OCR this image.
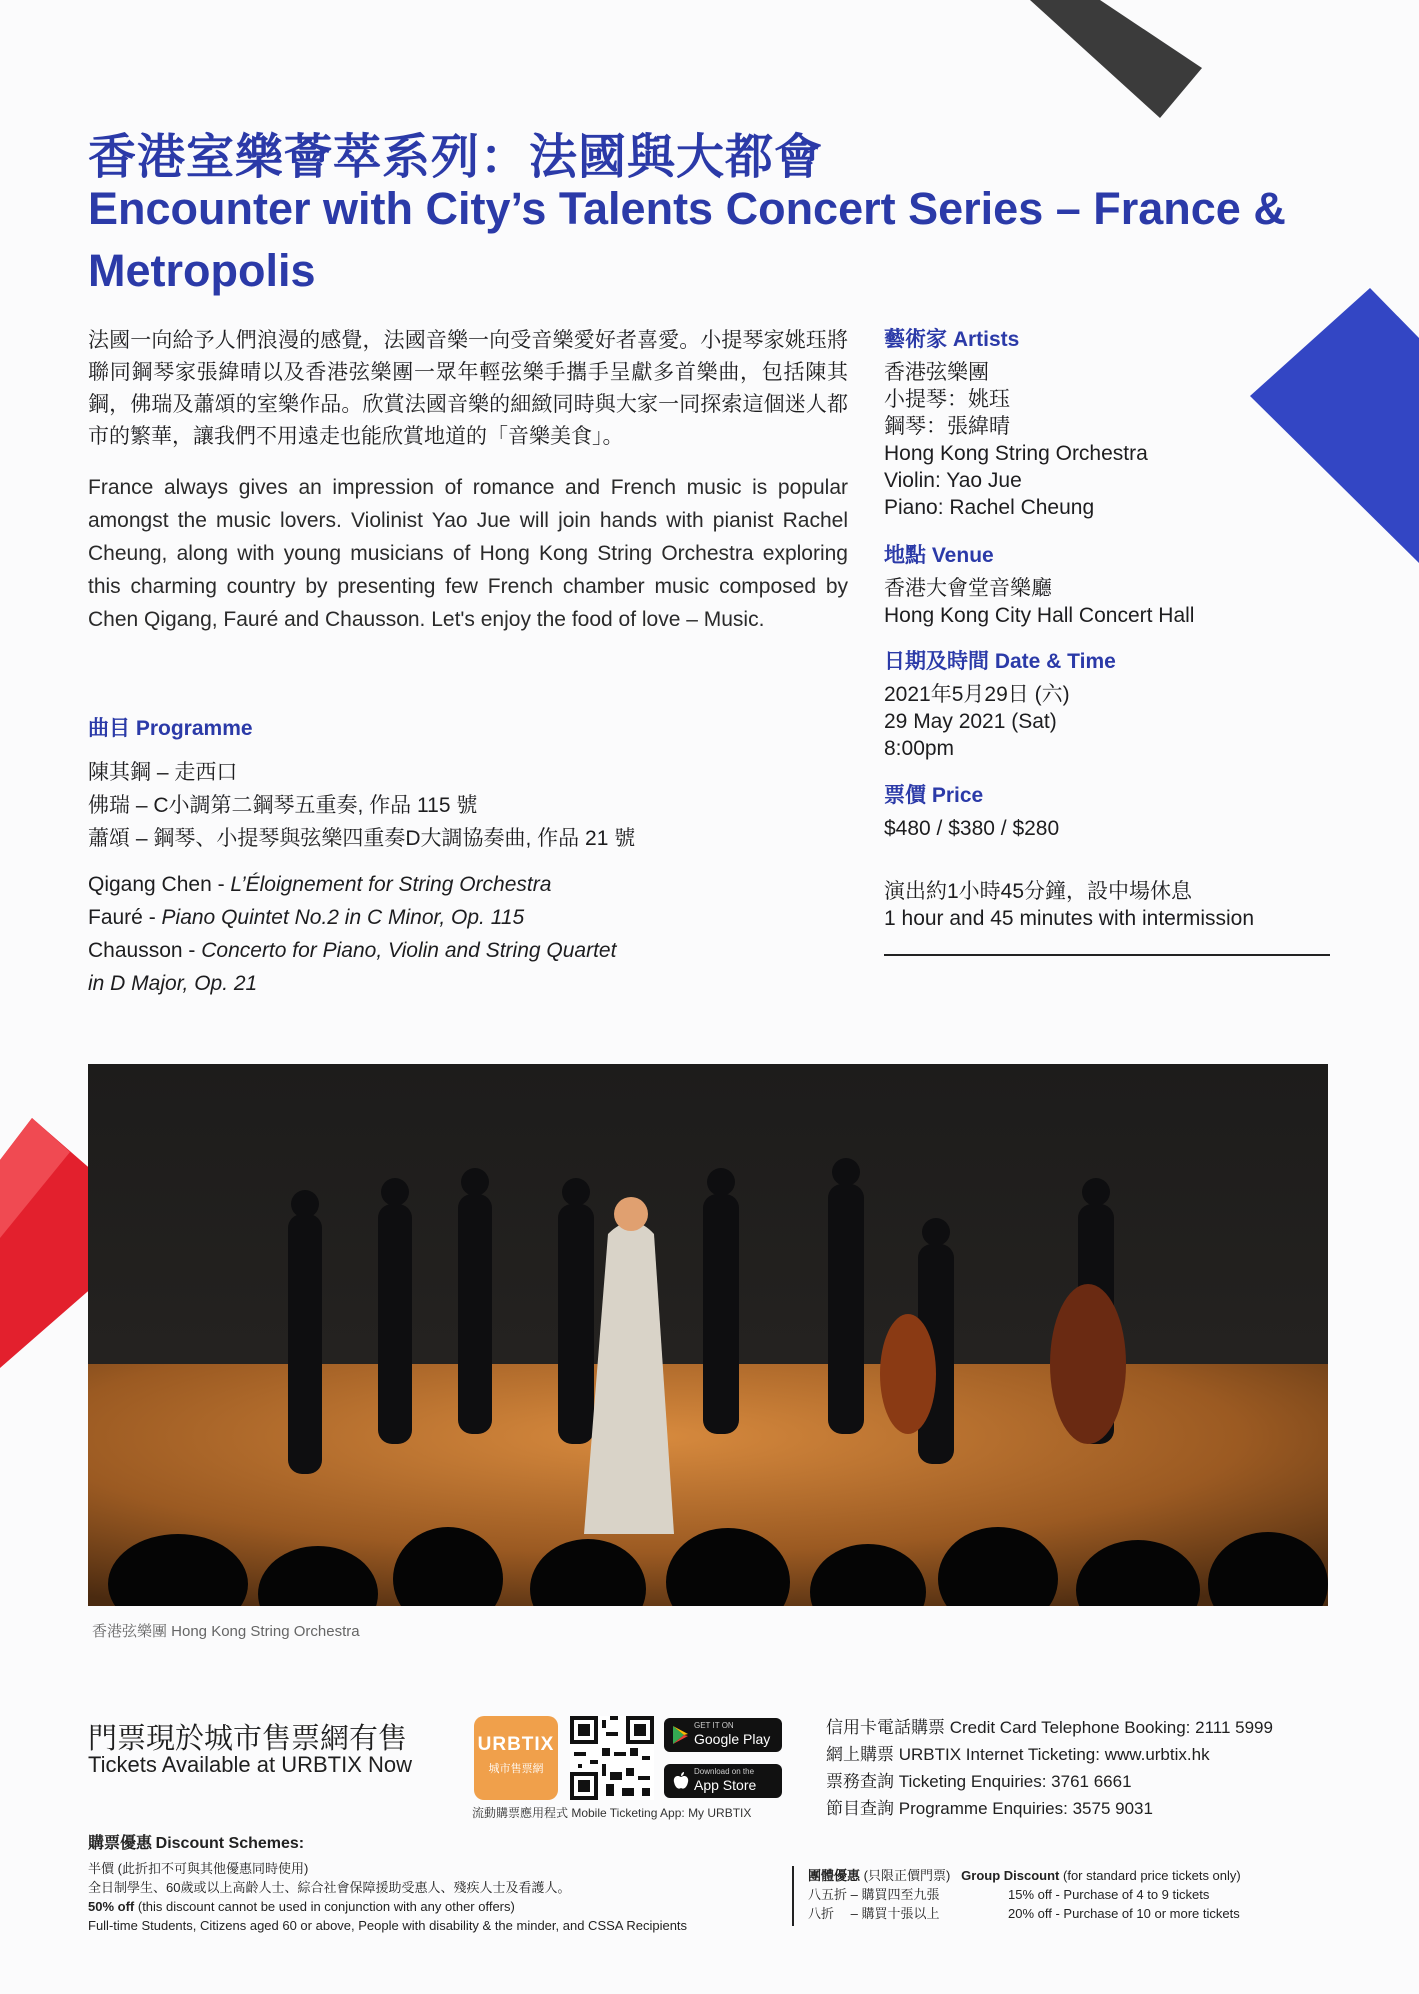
香港室樂薈萃系列：法國與大都會
Encounter with City’s Talents Concert Series – France & Metropolis
法國一向給予人們浪漫的感覺，法國音樂一向受音樂愛好者喜愛。小提琴家姚珏將聯同鋼琴家張緯晴以及香港弦樂團一眾年輕弦樂手攜手呈獻多首樂曲，包括陳其鋼，佛瑞及蕭頌的室樂作品。欣賞法國音樂的細緻同時與大家一同探索這個迷人都市的繁華，讓我們不用遠走也能欣賞地道的「音樂美食」。
France always gives an impression of romance and French music is popular amongst the music lovers. Violinist Yao Jue will join hands with pianist Rachel Cheung, along with young musicians of Hong Kong String Orchestra exploring this charming country by presenting few French chamber music composed by Chen Qigang, Fauré and Chausson. Let's enjoy the food of love – Music.
曲目 Programme
陳其鋼 – 走西口
佛瑞 – C小調第二鋼琴五重奏, 作品 115 號
蕭頌 – 鋼琴、小提琴與弦樂四重奏D大調協奏曲, 作品 21 號
Qigang Chen - L’Éloignement for String Orchestra
Fauré - Piano Quintet No.2 in C Minor, Op. 115
Chausson - Concerto for Piano, Violin and String Quartet
in D Major, Op. 21
藝術家 Artists
香港弦樂團
小提琴：姚珏
鋼琴：張緯晴
Hong Kong String Orchestra
Violin: Yao Jue
Piano: Rachel Cheung
地點 Venue
香港大會堂音樂廳
Hong Kong City Hall Concert Hall
日期及時間 Date & Time
2021年5月29日 (六)
29 May 2021 (Sat)
8:00pm
票價 Price
$480 / $380 / $280
演出約1小時45分鐘，設中場休息
1 hour and 45 minutes with intermission
香港弦樂團 Hong Kong String Orchestra
門票現於城市售票網有售
Tickets Available at URBTIX Now
URBTIX
城市售票網
GET IT ON
Google Play
Download on the
App Store
流動購票應用程式 Mobile Ticketing App: My URBTIX
信用卡電話購票 Credit Card Telephone Booking: 2111 5999
網上購票 URBTIX Internet Ticketing: www.urbtix.hk
票務查詢 Ticketing Enquiries: 3761 6661
節目查詢 Programme Enquiries: 3575 9031
購票優惠 Discount Schemes:
半價 (此折扣不可與其他優惠同時使用)
全日制學生、60歲或以上高齡人士、綜合社會保障援助受惠人、殘疾人士及看護人。
50% off (this discount cannot be used in conjunction with any other offers)
Full-time Students, Citizens aged 60 or above, People with disability & the minder, and CSSA Recipients
團體優惠 (只限正價門票) Group Discount (for standard price tickets only)
八五折 – 購買四至九張	15% off - Purchase of 4 to 9 tickets
八折　 – 購買十張以上	20% off - Purchase of 10 or more tickets
